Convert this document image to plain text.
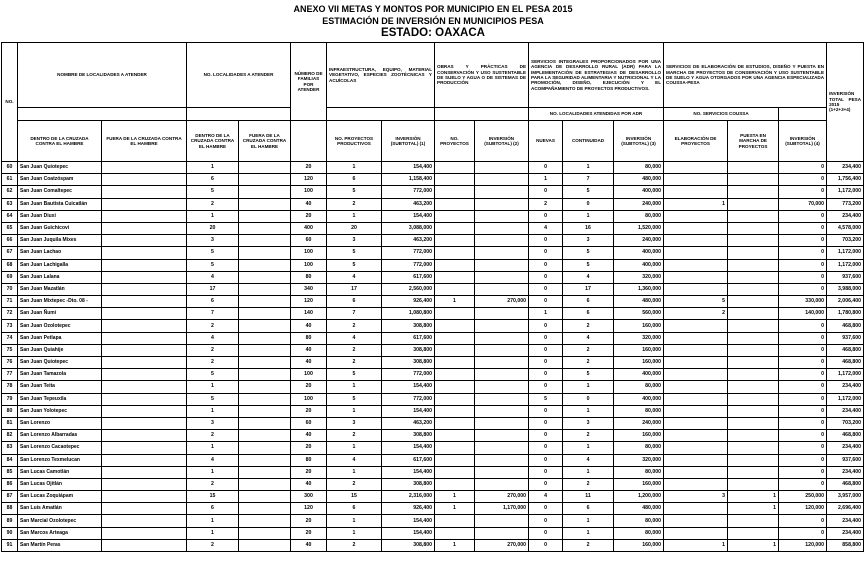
ANEXO VII METAS Y MONTOS POR MUNICIPIO EN EL PESA 2015
ESTIMACIÓN DE INVERSIÓN EN MUNICIPIOS PESA
ESTADO: OAXACA
NO.	NOMBRE DE LOCALIDADES A ATENDER		NO. LOCALIDADES A ATENDER		NÚMERO DE FAMILIAS POR ATENDER	INFRAESTRUCTURA, EQUIPO, MATERIAL VEGETATIVO, ESPECIES ZOOTÉCNICAS Y ACUÍCOLAS		OBRAS Y PRÁCTICAS DE CONSERVACIÓN Y USO SUSTENTABLE DE SUELO Y AGUA O DE SISTEMAS DE PRODUCCIÓN		SERVICIOS INTEGRALES PROPORCIONADOS POR UNA AGENCIA DE DESARROLLO RURAL (ADR) PARA LA IMPLEMENTACIÓN DE ESTRATEGIAS DE DESARROLLO PARA LA SEGURIDAD ALIMENTARIA Y NUTRICIONAL Y LA PROMOCIÓN, DISEÑO, EJECUCIÓN Y EL ACOMPAÑAMIENTO DE PROYECTOS PRODUCTIVOS.			SERVICIOS DE ELABORACIÓN DE ESTUDIOS, DISEÑO Y PUESTA EN MARCHA DE PROYECTOS DE CONSERVACIÓN Y USO SUSTENTABLE DE SUELO Y AGUA OTORGADOS POR UNA AGENCIA ESPECIALIZADA COUSSA-PESA			INVERSIÓN TOTAL PESA 2015 (1+2+3+4)
										NO. LOCALIDADES ATENDIDAS POR ADR			NO. SERVICIOS COUSSA			
	DENTRO DE LA CRUZADA CONTRA EL HAMBRE	FUERA DE LA CRUZADA CONTRA EL HAMBRE	DENTRO DE LA CRUZADA CONTRA EL HAMBRE	FUERA DE LA CRUZADA CONTRA EL HAMBRE		NO. PROYECTOS PRODUCTIVOS	INVERSIÓN (SUBTOTAL) (1)	NO. PROYECTOS	INVERSIÓN (SUBTOTAL) (2)	NUEVAS	CONTINUIDAD	INVERSIÓN (SUBTOTAL) (3)	ELABORACIÓN DE PROYECTOS	PUESTA EN MARCHA DE PROYECTOS	INVERSIÓN (SUBTOTAL) (4)	
60	San Juan Quiotepec		1		20	1	154,400			0	1	80,000			0	234,400
61	San Juan Coatzóspam		6		120	6	1,158,400			1	7	480,000			0	1,756,400
62	San Juan Comaltepec		5		100	5	772,000			0	5	400,000			0	1,172,000
63	San Juan Bautista Cuicatlán		2		40	2	463,200			2	0	240,000	1		70,000	773,200
64	San Juan Diuxi		1		20	1	154,400			0	1	80,000			0	234,400
65	San Juan Guichicovi		20		400	20	3,088,000			4	16	1,520,000			0	4,578,000
66	San Juan Juquila Mixes		3		60	3	463,200			0	3	240,000			0	703,200
67	San Juan Lachao		5		100	5	772,000			0	5	400,000			0	1,172,000
68	San Juan Lachigalla		5		100	5	772,000			0	5	400,000			0	1,172,000
69	San Juan Lalana		4		80	4	617,600			0	4	320,000			0	937,600
70	San Juan Mazatlán		17		340	17	2,560,000			0	17	1,360,000			0	3,988,000
71	San Juan Mixtepec -Dto. 08 -		6		120	6	926,400	1	270,000	0	6	480,000	5		330,000	2,006,400
72	San Juan Ñumí		7		140	7	1,080,800			1	6	560,000	2		140,000	1,780,800
73	San Juan Ozolotepec		2		40	2	308,800			0	2	160,000			0	468,800
74	San Juan Petlapa		4		80	4	617,600			0	4	320,000			0	937,600
75	San Juan Quiahije		2		40	2	308,800			0	2	160,000			0	468,800
76	San Juan Quiotepec		2		40	2	308,800			0	2	160,000			0	468,800
77	San Juan Tamazola		5		100	5	772,000			0	5	400,000			0	1,172,000
78	San Juan Teita		1		20	1	154,400			0	1	80,000			0	234,400
79	San Juan Tepeuxila		5		100	5	772,000			5	0	400,000			0	1,172,000
80	San Juan Yolotepec		1		20	1	154,400			0	1	80,000			0	234,400
81	San Lorenzo		3		60	3	463,200			0	3	240,000			0	703,200
82	San Lorenzo Albarradas		2		40	2	308,800			0	2	160,000			0	468,800
83	San Lorenzo Cacaotepec		1		20	1	154,400			0	1	80,000			0	234,400
84	San Lorenzo Texmelucan		4		80	4	617,600			0	4	320,000			0	937,600
85	San Lucas Camotlán		1		20	1	154,400			0	1	80,000			0	234,400
86	San Lucas Ojitlán		2		40	2	308,800			0	2	160,000			0	468,800
87	San Lucas Zoquiápam		15		300	15	2,316,000	1	270,000	4	11	1,200,000	3	1	250,000	3,957,000
88	San Luis Amatlán		6		120	6	926,400	1	1,170,000	0	6	480,000		1	120,000	2,696,400
89	San Marcial Ozolotepec		1		20	1	154,400			0	1	80,000			0	234,400
90	San Marcos Arteaga		1		20	1	154,400			0	1	80,000			0	234,400
91	San Martín Peras		2		40	2	308,800	1	270,000	0	2	160,000	1	1	120,000	858,800
